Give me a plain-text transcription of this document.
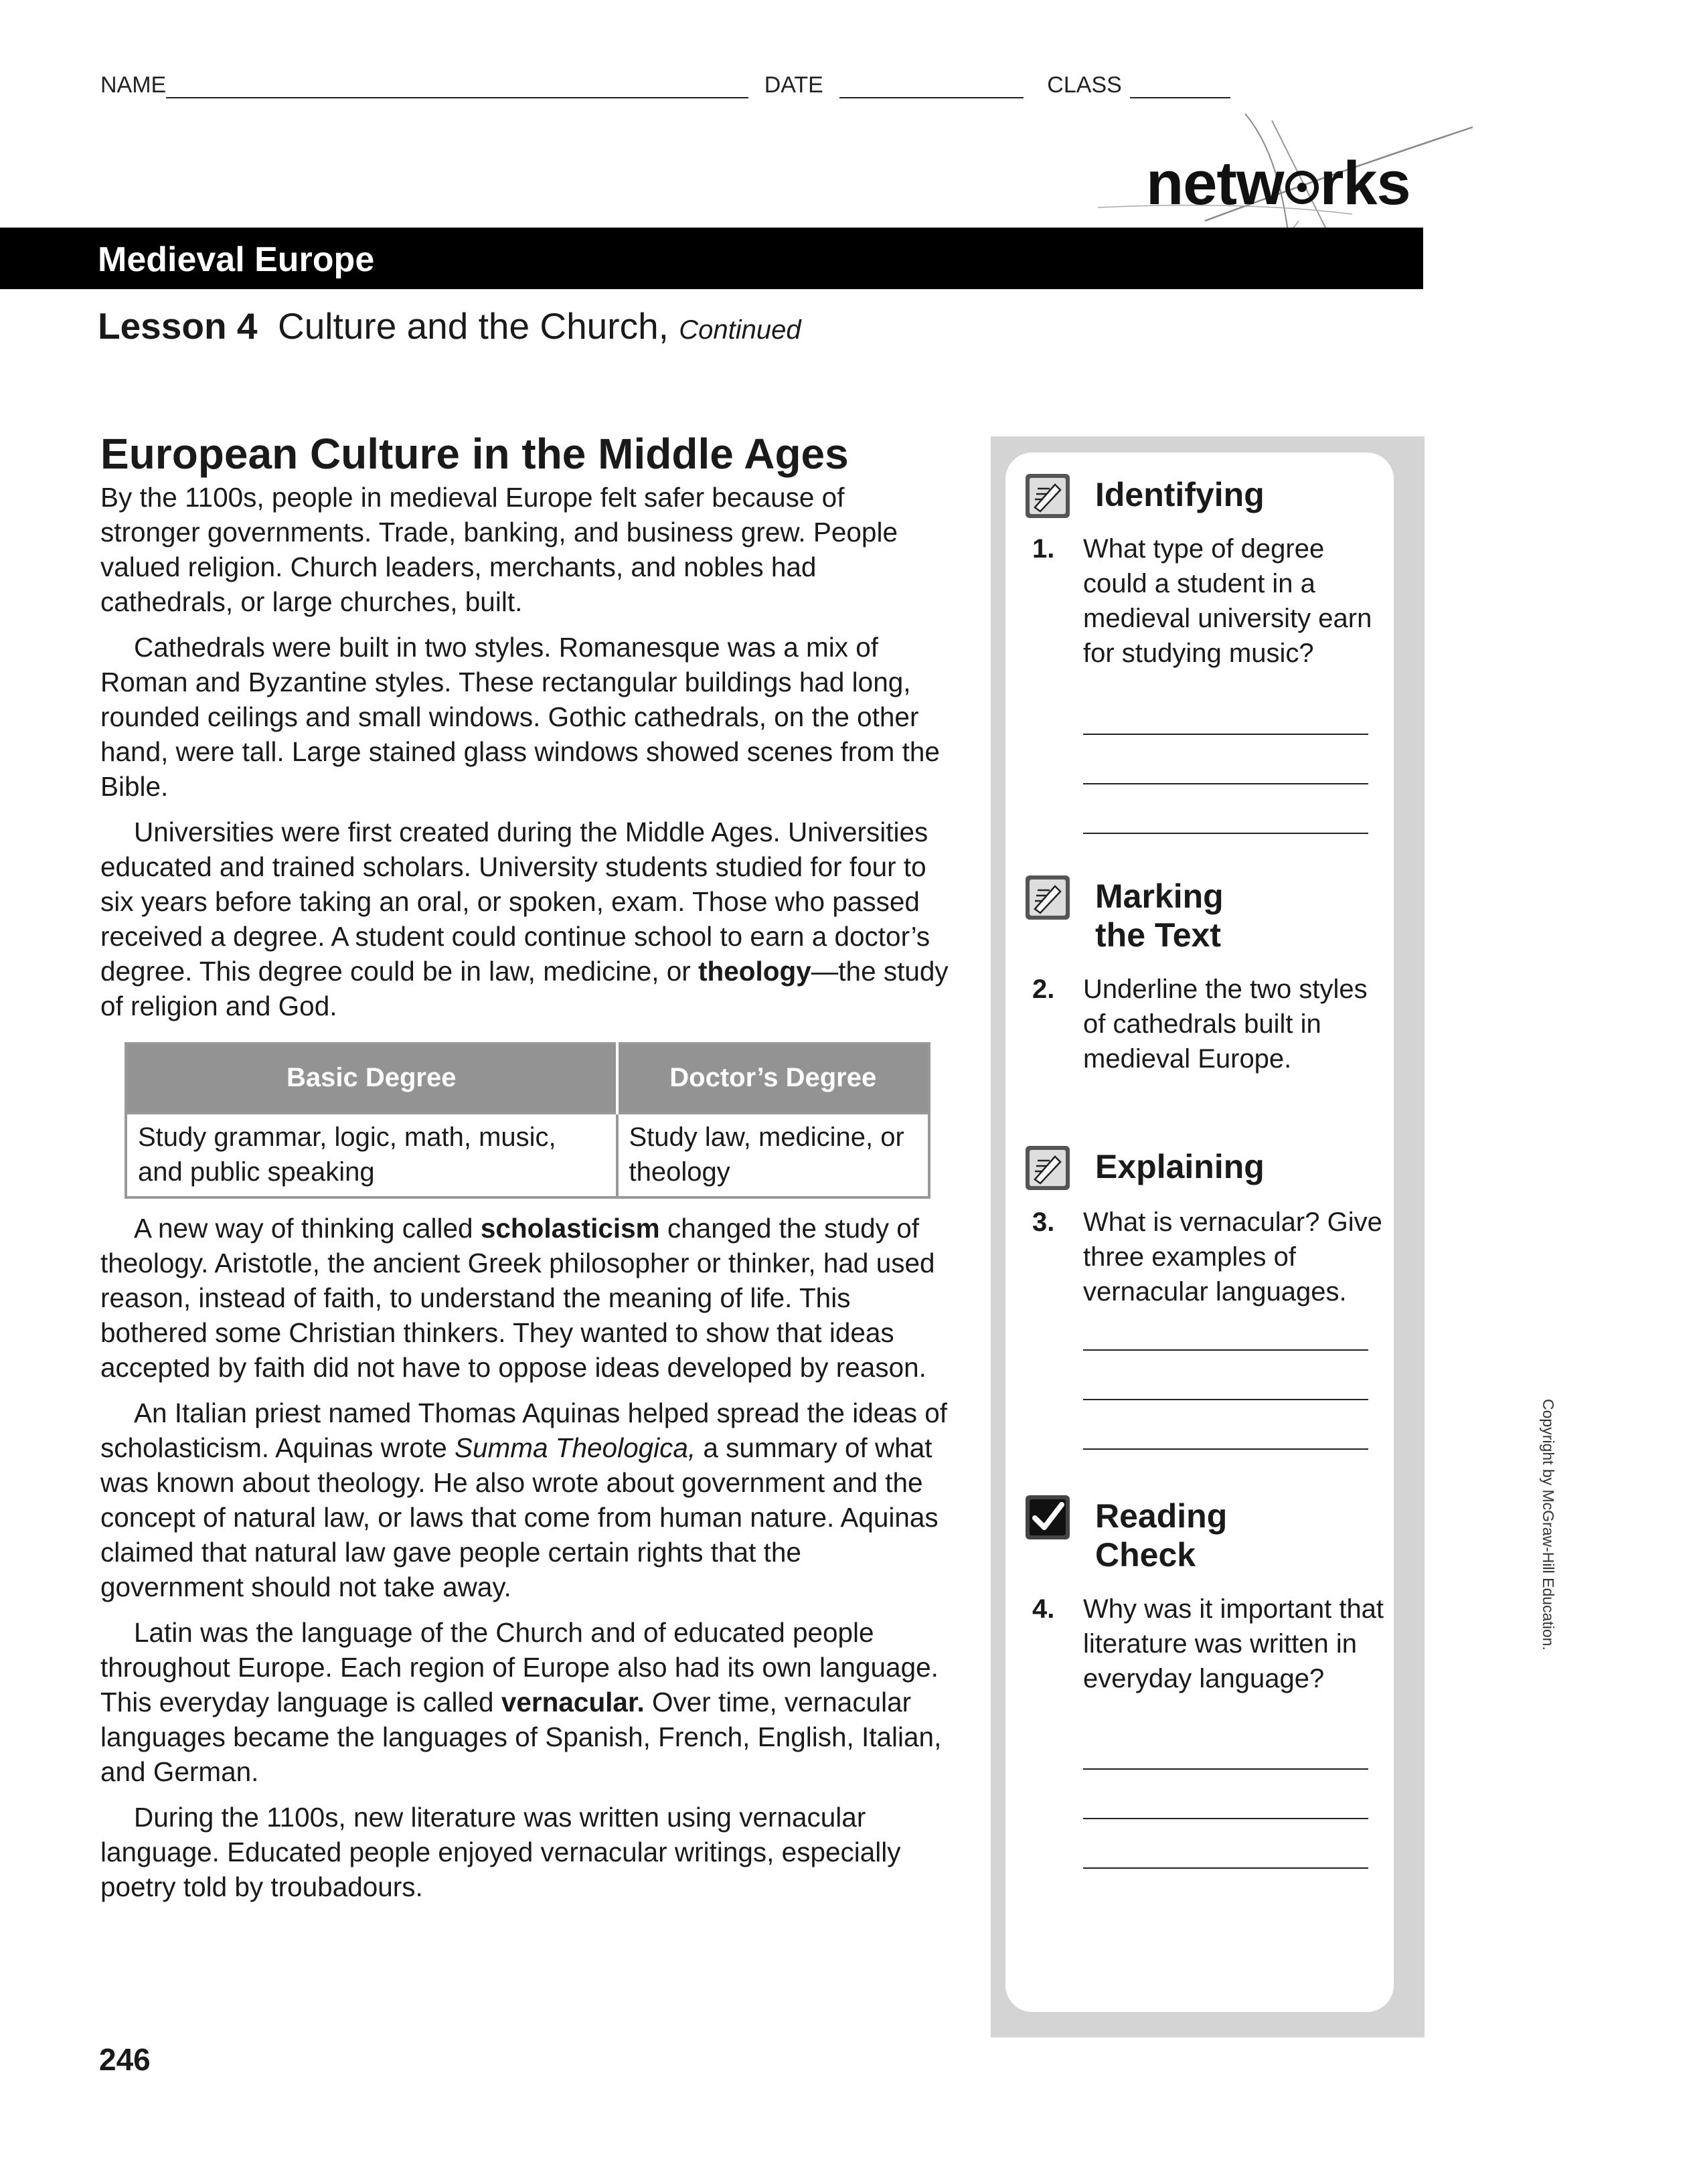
NAME	DATE	CLASS
netw rks
Medieval Europe
Lesson 4 Culture and the Church, Continued
European Culture in the Middle Ages

By the 1100s, people in medieval Europe felt safer because of stronger governments. Trade, banking, and business grew. People valued religion. Church leaders, merchants, and nobles had cathedrals, or large churches, built.

Cathedrals were built in two styles. Romanesque was a mix of Roman and Byzantine styles. These rectangular buildings had long, rounded ceilings and small windows. Gothic cathedrals, on the other hand, were tall. Large stained glass windows showed scenes from the Bible.

Universities were first created during the Middle Ages. Universities educated and trained scholars. University students studied for four to six years before taking an oral, or spoken, exam. Those who passed received a degree. A student could continue school to earn a doctor’s degree. This degree could be in law, medicine, or theology—the study of religion and God.

Basic Degree	Doctor’s Degree
Study grammar, logic, math, music, and public speaking	Study law, medicine, or theology

A new way of thinking called scholasticism changed the study of theology. Aristotle, the ancient Greek philosopher or thinker, had used reason, instead of faith, to understand the meaning of life. This bothered some Christian thinkers. They wanted to show that ideas accepted by faith did not have to oppose ideas developed by reason.

An Italian priest named Thomas Aquinas helped spread the ideas of scholasticism. Aquinas wrote Summa Theologica, a summary of what was known about theology. He also wrote about government and the concept of natural law, or laws that come from human nature. Aquinas claimed that natural law gave people certain rights that the government should not take away.

Latin was the language of the Church and of educated people throughout Europe. Each region of Europe also had its own language. This everyday language is called vernacular. Over time, vernacular languages became the languages of Spanish, French, English, Italian, and German.

During the 1100s, new literature was written using vernacular language. Educated people enjoyed vernacular writings, especially poetry told by troubadours.

246
Identifying
1.	What type of degree could a student in a medieval university earn for studying music?
Marking
the Text
2.	Underline the two styles of cathedrals built in medieval Europe.
Explaining
3.	What is vernacular? Give three examples of vernacular languages.
Reading
Check
4.	Why was it important that literature was written in everyday language?
Copyright by McGraw-Hill Education.
